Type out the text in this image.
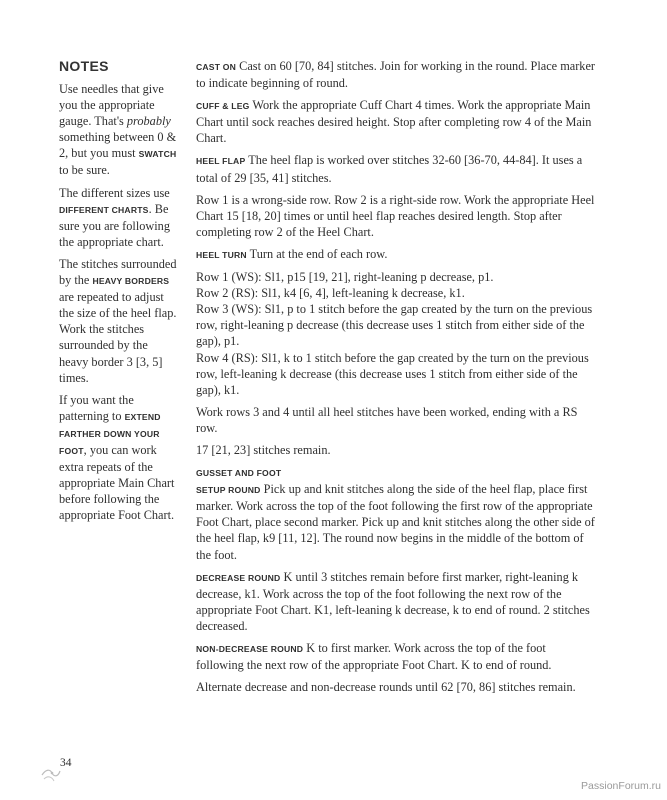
NOTES

Use needles that give you the appropriate gauge. That's probably something between 0 & 2, but you must SWATCH to be sure.

The different sizes use DIFFERENT CHARTS. Be sure you are following the appropriate chart.

The stitches surrounded by the HEAVY BORDERS are repeated to adjust the size of the heel flap. Work the stitches surrounded by the heavy border 3 [3, 5] times.

If you want the patterning to EXTEND FARTHER DOWN YOUR FOOT, you can work extra repeats of the appropriate Main Chart before following the appropriate Foot Chart.

CAST ON Cast on 60 [70, 84] stitches. Join for working in the round. Place marker to indicate beginning of round.

CUFF & LEG Work the appropriate Cuff Chart 4 times. Work the appropriate Main Chart until sock reaches desired height. Stop after completing row 4 of the Main Chart.

HEEL FLAP The heel flap is worked over stitches 32-60 [36-70, 44-84]. It uses a total of 29 [35, 41] stitches.

Row 1 is a wrong-side row. Row 2 is a right-side row. Work the appropriate Heel Chart 15 [18, 20] times or until heel flap reaches desired length. Stop after completing row 2 of the Heel Chart.

HEEL TURN Turn at the end of each row.

Row 1 (WS): Sl1, p15 [19, 21], right-leaning p decrease, p1.

Row 2 (RS): Sl1, k4 [6, 4], left-leaning k decrease, k1.

Row 3 (WS): Sl1, p to 1 stitch before the gap created by the turn on the previous row, right-leaning p decrease (this decrease uses 1 stitch from either side of the gap), p1.

Row 4 (RS): Sl1, k to 1 stitch before the gap created by the turn on the previous row, left-leaning k decrease (this decrease uses 1 stitch from either side of the gap), k1.

Work rows 3 and 4 until all heel stitches have been worked, ending with a RS row.

17 [21, 23] stitches remain.

GUSSET AND FOOT

SETUP ROUND Pick up and knit stitches along the side of the heel flap, place first marker. Work across the top of the foot following the first row of the appropriate Foot Chart, place second marker. Pick up and knit stitches along the other side of the heel flap, k9 [11, 12]. The round now begins in the middle of the bottom of the foot.

DECREASE ROUND K until 3 stitches remain before first marker, right-leaning k decrease, k1. Work across the top of the foot following the next row of the appropriate Foot Chart. K1, left-leaning k decrease, k to end of round. 2 stitches decreased.

NON-DECREASE ROUND K to first marker. Work across the top of the foot following the next row of the appropriate Foot Chart. K to end of round.

Alternate decrease and non-decrease rounds until 62 [70, 86] stitches remain.

34
PassionForum.ru
